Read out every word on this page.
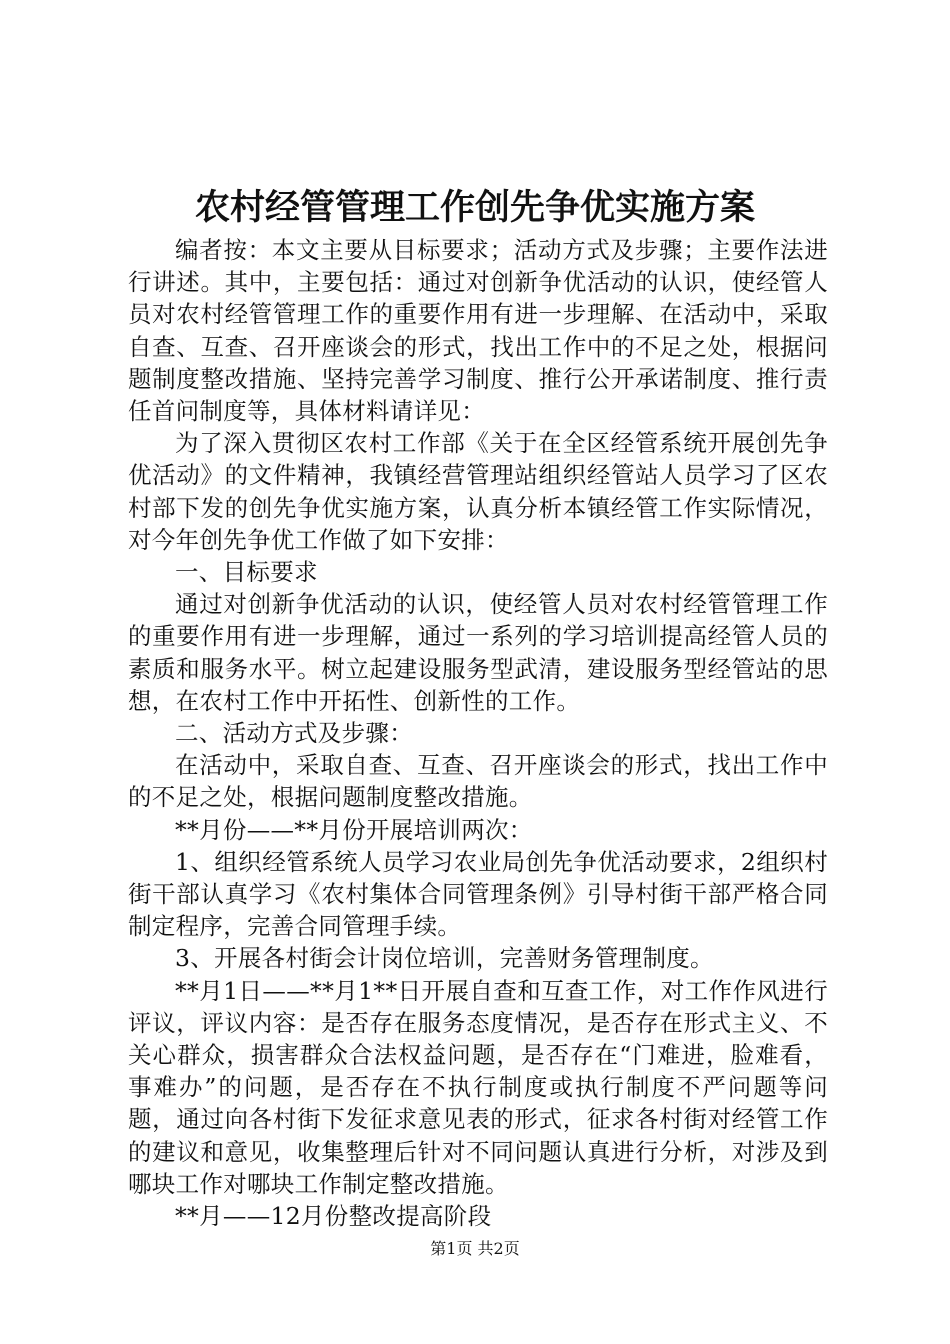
农村经管管理工作创先争优实施方案

编者按：本文主要从目标要求；活动方式及步骤；主要作法进行讲述。其中，主要包括：通过对创新争优活动的认识，使经管人员对农村经管管理工作的重要作用有进一步理解、在活动中，采取自查、互查、召开座谈会的形式，找出工作中的不足之处，根据问题制度整改措施、坚持完善学习制度、推行公开承诺制度、推行责任首问制度等，具体材料请详见：

为了深入贯彻区农村工作部《关于在全区经管系统开展创先争优活动》的文件精神，我镇经营管理站组织经管站人员学习了区农村部下发的创先争优实施方案，认真分析本镇经管工作实际情况，对今年创先争优工作做了如下安排：

一、目标要求

通过对创新争优活动的认识，使经管人员对农村经管管理工作的重要作用有进一步理解，通过一系列的学习培训提高经管人员的素质和服务水平。树立起建设服务型武清，建设服务型经管站的思想，在农村工作中开拓性、创新性的工作。

二、活动方式及步骤：

在活动中，采取自查、互查、召开座谈会的形式，找出工作中的不足之处，根据问题制度整改措施。

**月份——**月份开展培训两次：

1、组织经管系统人员学习农业局创先争优活动要求，2组织村街干部认真学习《农村集体合同管理条例》引导村街干部严格合同制定程序，完善合同管理手续。

3、开展各村街会计岗位培训，完善财务管理制度。

**月1日——**月1**日开展自查和互查工作，对工作作风进行评议，评议内容：是否存在服务态度情况，是否存在形式主义、不关心群众，损害群众合法权益问题，是否存在“门难进，脸难看，事难办”的问题，是否存在不执行制度或执行制度不严问题等问题，通过向各村街下发征求意见表的形式，征求各村街对经管工作的建议和意见，收集整理后针对不同问题认真进行分析，对涉及到哪块工作对哪块工作制定整改措施。

**月——12月份整改提高阶段

第1页 共2页
